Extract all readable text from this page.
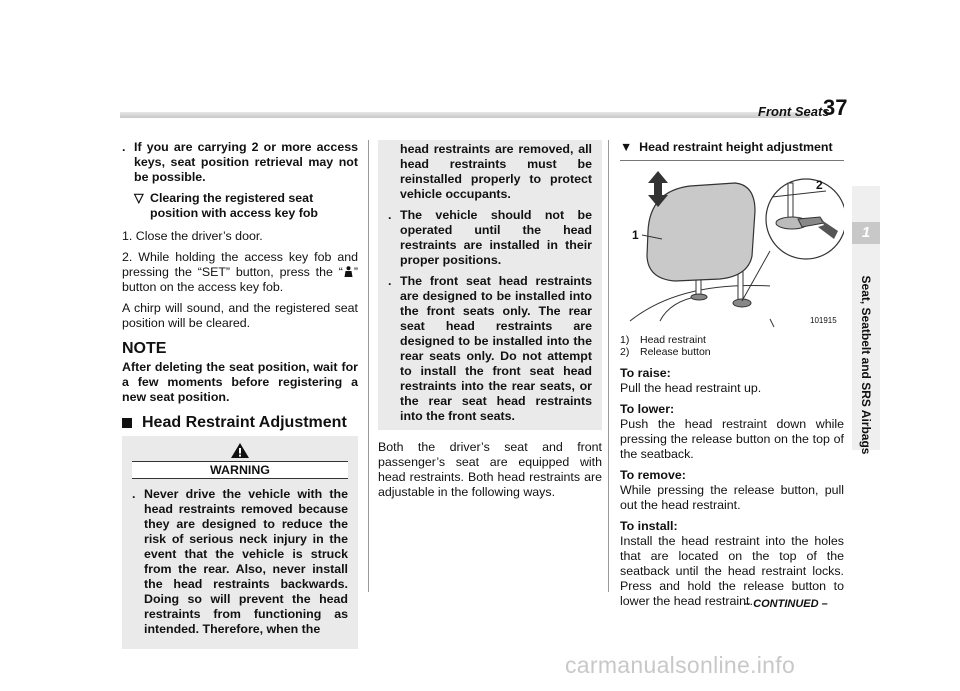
Front Seats
37
1
Seat, Seatbelt and SRS Airbags
. If you are carrying 2 or more access keys, seat position retrieval may not be possible.
▽ Clearing the registered seat position with access key fob

1. Close the driver’s door.

2. While holding the access key fob and pressing the “SET” button, press the “ ” button on the access key fob.

A chirp will sound, and the registered seat position will be cleared.

NOTE

After deleting the seat position, wait for a few moments before registering a new seat position.

Head Restraint Adjustment
WARNING
. Never drive the vehicle with the head restraints removed because they are designed to reduce the risk of serious neck injury in the event that the vehicle is struck from the rear. Also, never install the head restraints backwards. Doing so will prevent the head restraints from functioning as intended. Therefore, when the

head restraints are removed, all head restraints must be reinstalled properly to protect vehicle occupants.

. The vehicle should not be operated until the head restraints are installed in their proper positions.
. The front seat head restraints are designed to be installed into the front seats only. The rear seat head restraints are designed to be installed into the rear seats only. Do not attempt to install the front seat head restraints into the rear seats, or the rear seat head restraints into the front seats.

Both the driver’s seat and front passenger’s seat are equipped with head restraints. Both head restraints are adjustable in the following ways.

▼ Head restraint height adjustment
1
2
101915
1)	Head restraint
2)	Release button
To raise:

Pull the head restraint up.

To lower:

Push the head restraint down while pressing the release button on the top of the seatback.

To remove:

While pressing the release button, pull out the head restraint.

To install:

Install the head restraint into the holes that are located on the top of the seatback until the head restraint locks. Press and hold the release button to lower the head restraint.

– CONTINUED –
carmanualsonline.info
